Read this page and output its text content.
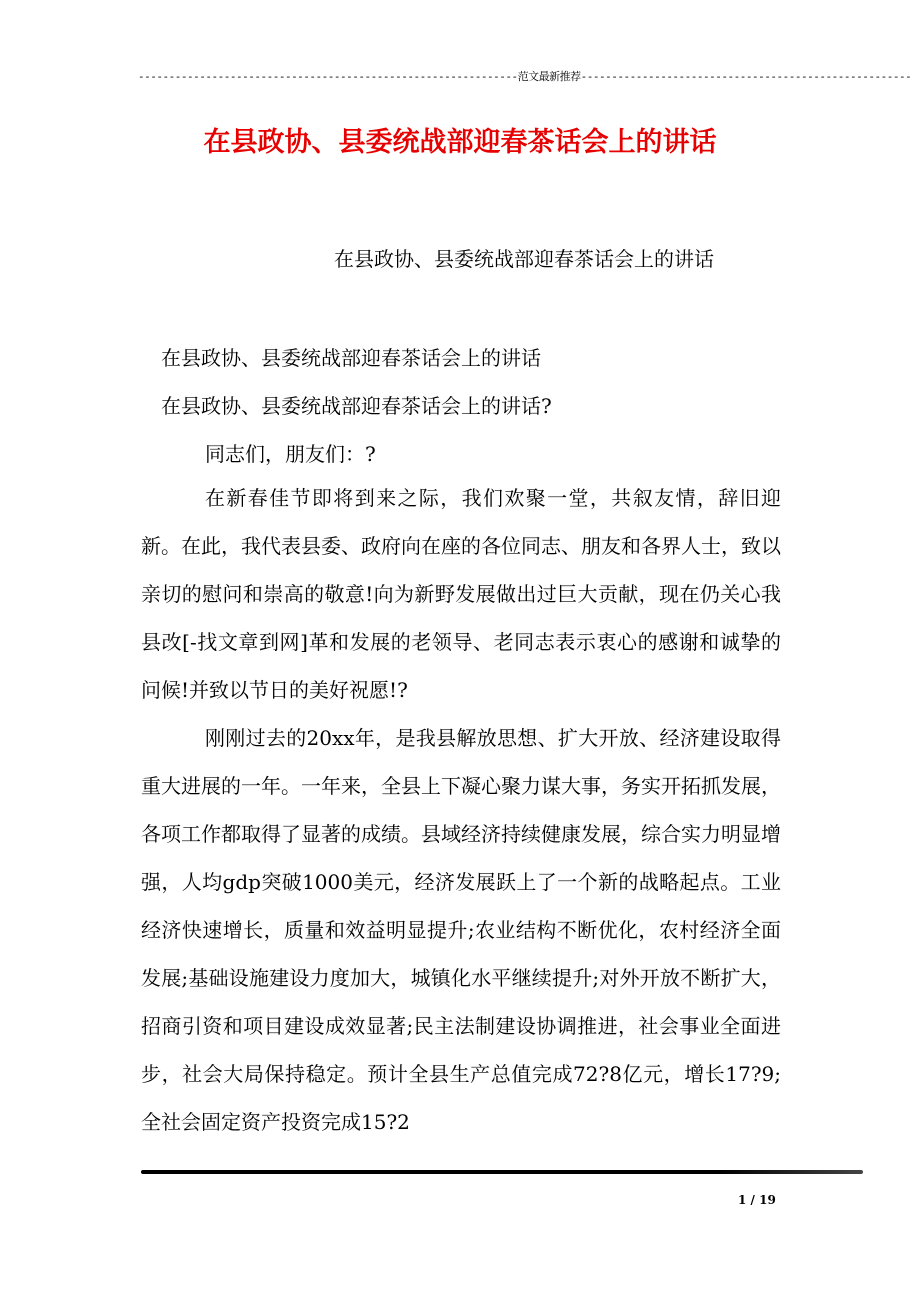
--------------------------------------------------------------范文最新推荐------------------------------------------------------
在县政协、县委统战部迎春茶话会上的讲话
在县政协、县委统战部迎春茶话会上的讲话
在县政协、县委统战部迎春茶话会上的讲话
在县政协、县委统战部迎春茶话会上的讲话?
同志们，朋友们：?

在新春佳节即将到来之际，我们欢聚一堂，共叙友情，辞旧迎新。在此，我代表县委、政府向在座的各位同志、朋友和各界人士，致以亲切的慰问和崇高的敬意!向为新野发展做出过巨大贡献，现在仍关心我县改[-找文章到网]革和发展的老领导、老同志表示衷心的感谢和诚挚的问候!并致以节日的美好祝愿!?

刚刚过去的20xx年，是我县解放思想、扩大开放、经济建设取得重大进展的一年。一年来，全县上下凝心聚力谋大事，务实开拓抓发展，各项工作都取得了显著的成绩。县域经济持续健康发展，综合实力明显增强，人均gdp突破1000美元，经济发展跃上了一个新的战略起点。工业经济快速增长，质量和效益明显提升;农业结构不断优化，农村经济全面发展;基础设施建设力度加大，城镇化水平继续提升;对外开放不断扩大，招商引资和项目建设成效显著;民主法制建设协调推进，社会事业全面进步，社会大局保持稳定。预计全县生产总值完成72?8亿元，增长17?9;全社会固定资产投资完成15?2

1 / 19
